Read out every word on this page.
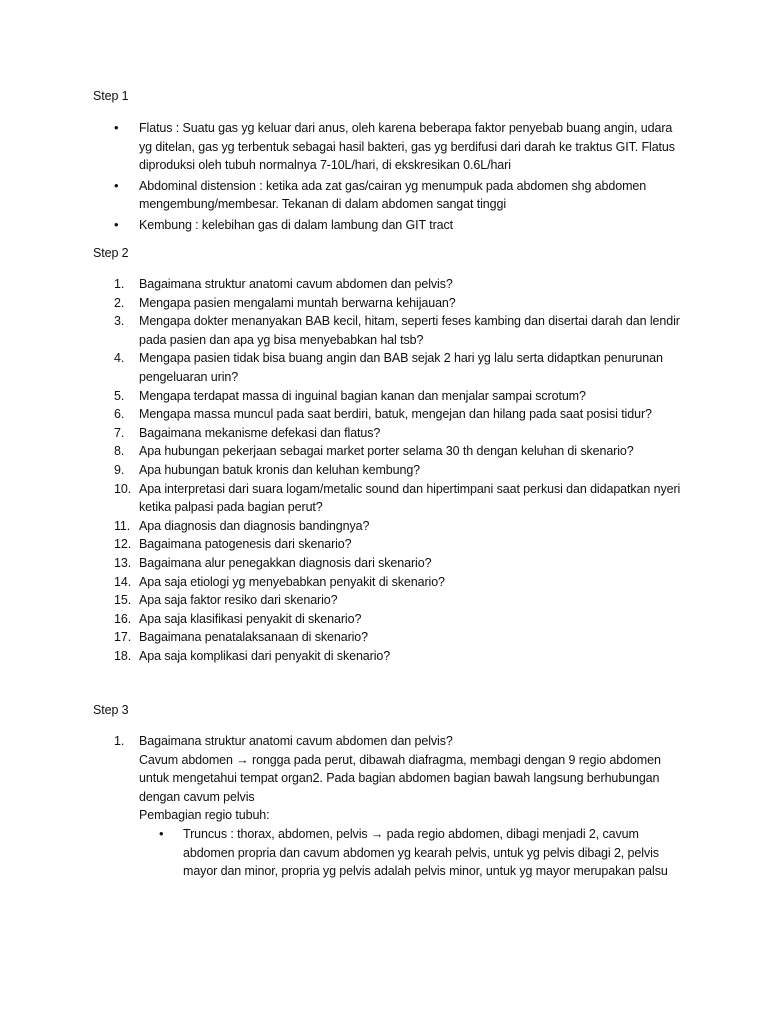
Step 1
• Flatus : Suatu gas yg keluar dari anus, oleh karena beberapa faktor penyebab buang angin, udara yg ditelan, gas yg terbentuk sebagai hasil bakteri, gas yg berdifusi dari darah ke traktus GIT. Flatus diproduksi oleh tubuh normalnya 7-10L/hari, di ekskresikan 0.6L/hari
• Abdominal distension : ketika ada zat gas/cairan yg menumpuk pada abdomen shg abdomen mengembung/membesar. Tekanan di dalam abdomen sangat tinggi
• Kembung : kelebihan gas di dalam lambung dan GIT tract
Step 2
1.	Bagaimana struktur anatomi cavum abdomen dan pelvis?
2.	Mengapa pasien mengalami muntah berwarna kehijauan?
3.	Mengapa dokter menanyakan BAB kecil, hitam, seperti feses kambing dan disertai darah dan lendir pada pasien dan apa yg bisa menyebabkan hal tsb?
4.	Mengapa pasien tidak bisa buang angin dan BAB sejak 2 hari yg lalu serta didaptkan penurunan pengeluaran urin?
5.	Mengapa terdapat massa di inguinal bagian kanan dan menjalar sampai scrotum?
6.	Mengapa massa muncul pada saat berdiri, batuk, mengejan dan hilang pada saat posisi tidur?
7.	Bagaimana mekanisme defekasi dan flatus?
8.	Apa hubungan pekerjaan sebagai market porter selama 30 th dengan keluhan di skenario?
9.	Apa hubungan batuk kronis dan keluhan kembung?
10. Apa interpretasi dari suara logam/metalic sound dan hipertimpani saat perkusi dan didapatkan nyeri ketika palpasi pada bagian perut?
11. Apa diagnosis dan diagnosis bandingnya?
12. Bagaimana patogenesis dari skenario?
13. Bagaimana alur penegakkan diagnosis dari skenario?
14. Apa saja etiologi yg menyebabkan penyakit di skenario?
15. Apa saja faktor resiko dari skenario?
16. Apa saja klasifikasi penyakit di skenario?
17. Bagaimana penatalaksanaan di skenario?
18. Apa saja komplikasi dari penyakit di skenario?
Step 3
1.	Bagaimana struktur anatomi cavum abdomen dan pelvis?
Cavum abdomen → rongga pada perut, dibawah diafragma, membagi dengan 9 regio abdomen untuk mengetahui tempat organ2. Pada bagian abdomen bagian bawah langsung berhubungan dengan cavum pelvis
Pembagian regio tubuh:
• Truncus : thorax, abdomen, pelvis → pada regio abdomen, dibagi menjadi 2, cavum abdomen propria dan cavum abdomen yg kearah pelvis, untuk yg pelvis dibagi 2, pelvis mayor dan minor, propria yg pelvis adalah pelvis minor, untuk yg mayor merupakan palsu
